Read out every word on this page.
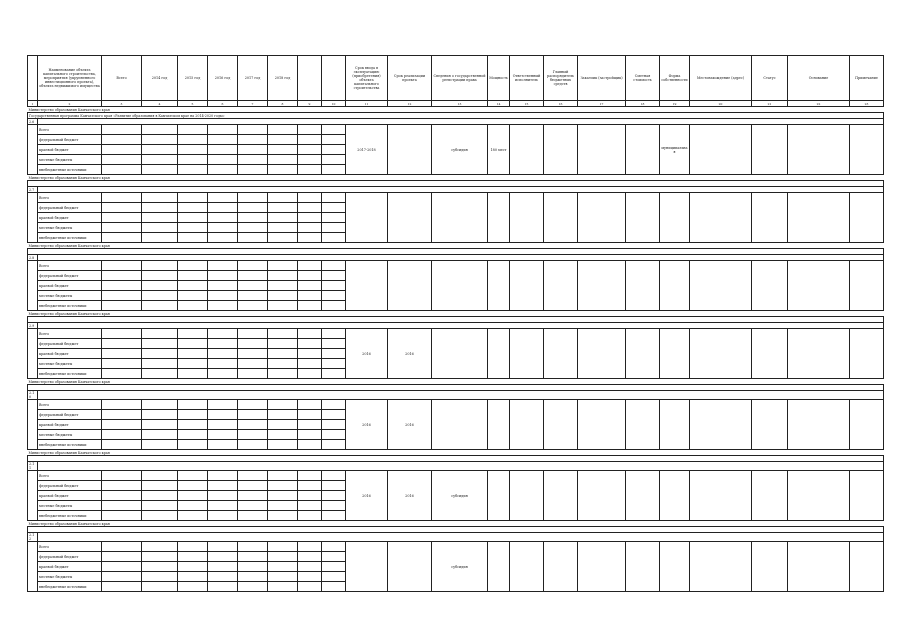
	Наименование объекта капитального строительства, мероприятия (укрупненного инвестиционного проекта), объекта недвижимого имущества	Всего	2014 год	2015 год	2016 год	2017 год	2018 год			Срок ввода в эксплуатацию (приобретения) объекта капитального строительства	Срок реализации проекта	Сведения о государственной регистрации права	Мощность	Ответственный исполнитель	Главный распорядитель бюджетных средств	Заказчик (застройщик)	Сметная стоимость	Форма собственности	Местонахождение (адрес)	Статус	Основание	Примечание
1	2	3	4	5	6	7	8	9	10	11	12	13	14	15	16	17	18	19	20	21	22	23
Министерство образования Камчатского края																						
Государственная программа Камчатского края «Развитие образования в Камчатском крае на 2014-2020 годы»																						
2.6																						
	Всего									2017-2018		субсидия	180 мест					муниципальная				
	федеральный бюджет																					
	краевой бюджет																					
	местные бюджеты																					
	внебюджетные источники																					
Министерство образования Камчатского края																						

2.7																						
	Всего																					
	федеральный бюджет																					
	краевой бюджет																					
	местные бюджеты																					
	внебюджетные источники																					
Министерство образования Камчатского края																						

2.8																						
	Всего																					
	федеральный бюджет																					
	краевой бюджет																					
	местные бюджеты																					
	внебюджетные источники																					
Министерство образования Камчатского края																						

2.9																						
	Всего									2016	2016											
	федеральный бюджет																					
	краевой бюджет																					
	местные бюджеты																					
	внебюджетные источники																					
Министерство образования Камчатского края																						

2.10																						
	Всего									2016	2016											
	федеральный бюджет																					
	краевой бюджет																					
	местные бюджеты																					
	внебюджетные источники																					
Министерство образования Камчатского края																						

2.11																						
	Всего									2016	2016	субсидия										
	федеральный бюджет																					
	краевой бюджет																					
	местные бюджеты																					
	внебюджетные источники																					
Министерство образования Камчатского края																						

2.12																						
	Всего											субсидия										
	федеральный бюджет																					
	краевой бюджет																					
	местные бюджеты																					
	внебюджетные источники																					
